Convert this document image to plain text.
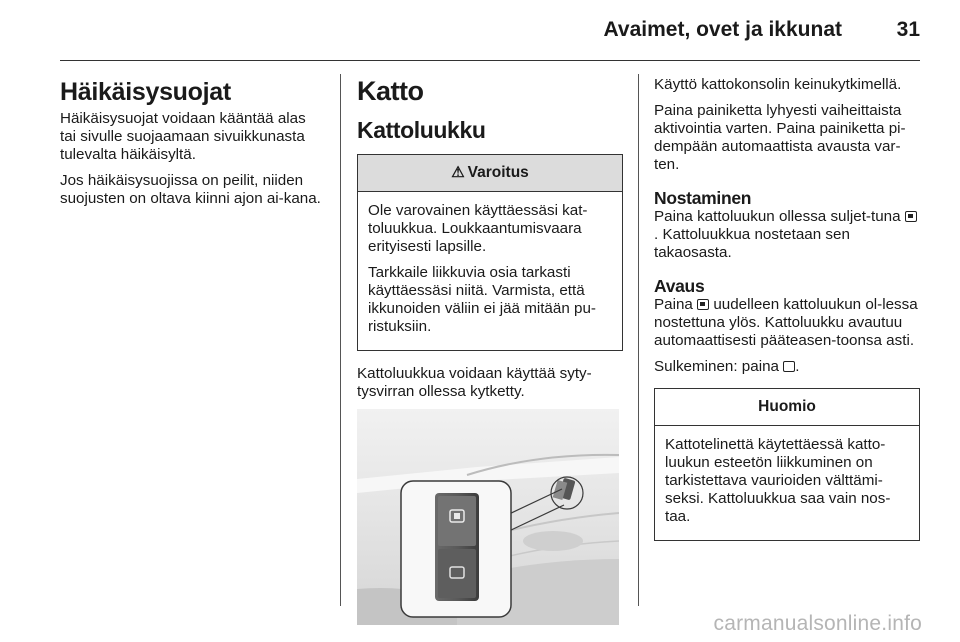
Avaimet, ovet ja ikkunat	31
Häikäisysuojat

Häikäisysuojat voidaan kääntää alas tai sivulle suojaamaan sivuikkunasta tulevalta häikäisyltä.

Jos häikäisysuojissa on peilit, niiden suojusten on oltava kiinni ajon ai-kana.

Katto
Kattoluukku
⚠ Varoitus

Ole varovainen käyttäessäsi kat-toluukkua. Loukkaantumisvaara erityisesti lapsille.

Tarkkaile liikkuvia osia tarkasti käyttäessäsi niitä. Varmista, että ikkunoiden väliin ei jää mitään pu-ristuksiin.

Kattoluukkua voidaan käyttää syty-tysvirran ollessa kytketty.

Käyttö kattokonsolin keinukytkimellä.

Paina painiketta lyhyesti vaiheittaista aktivointia varten. Paina painiketta pi-dempään automaattista avausta var-ten.

Nostaminen

Paina kattoluukun ollessa suljet-tuna . Kattoluukkua nostetaan sen takaosasta.

Avaus

Paina uudelleen kattoluukun ol-lessa nostettuna ylös. Kattoluukku avautuu automaattisesti pääteasen-toonsa asti.

Sulkeminen: paina .

Huomio

Kattotelinettä käytettäessä katto-luukun esteetön liikkuminen on tarkistettava vaurioiden välttämi-seksi. Kattoluukkua saa vain nos-taa.

carmanualsonline.info
